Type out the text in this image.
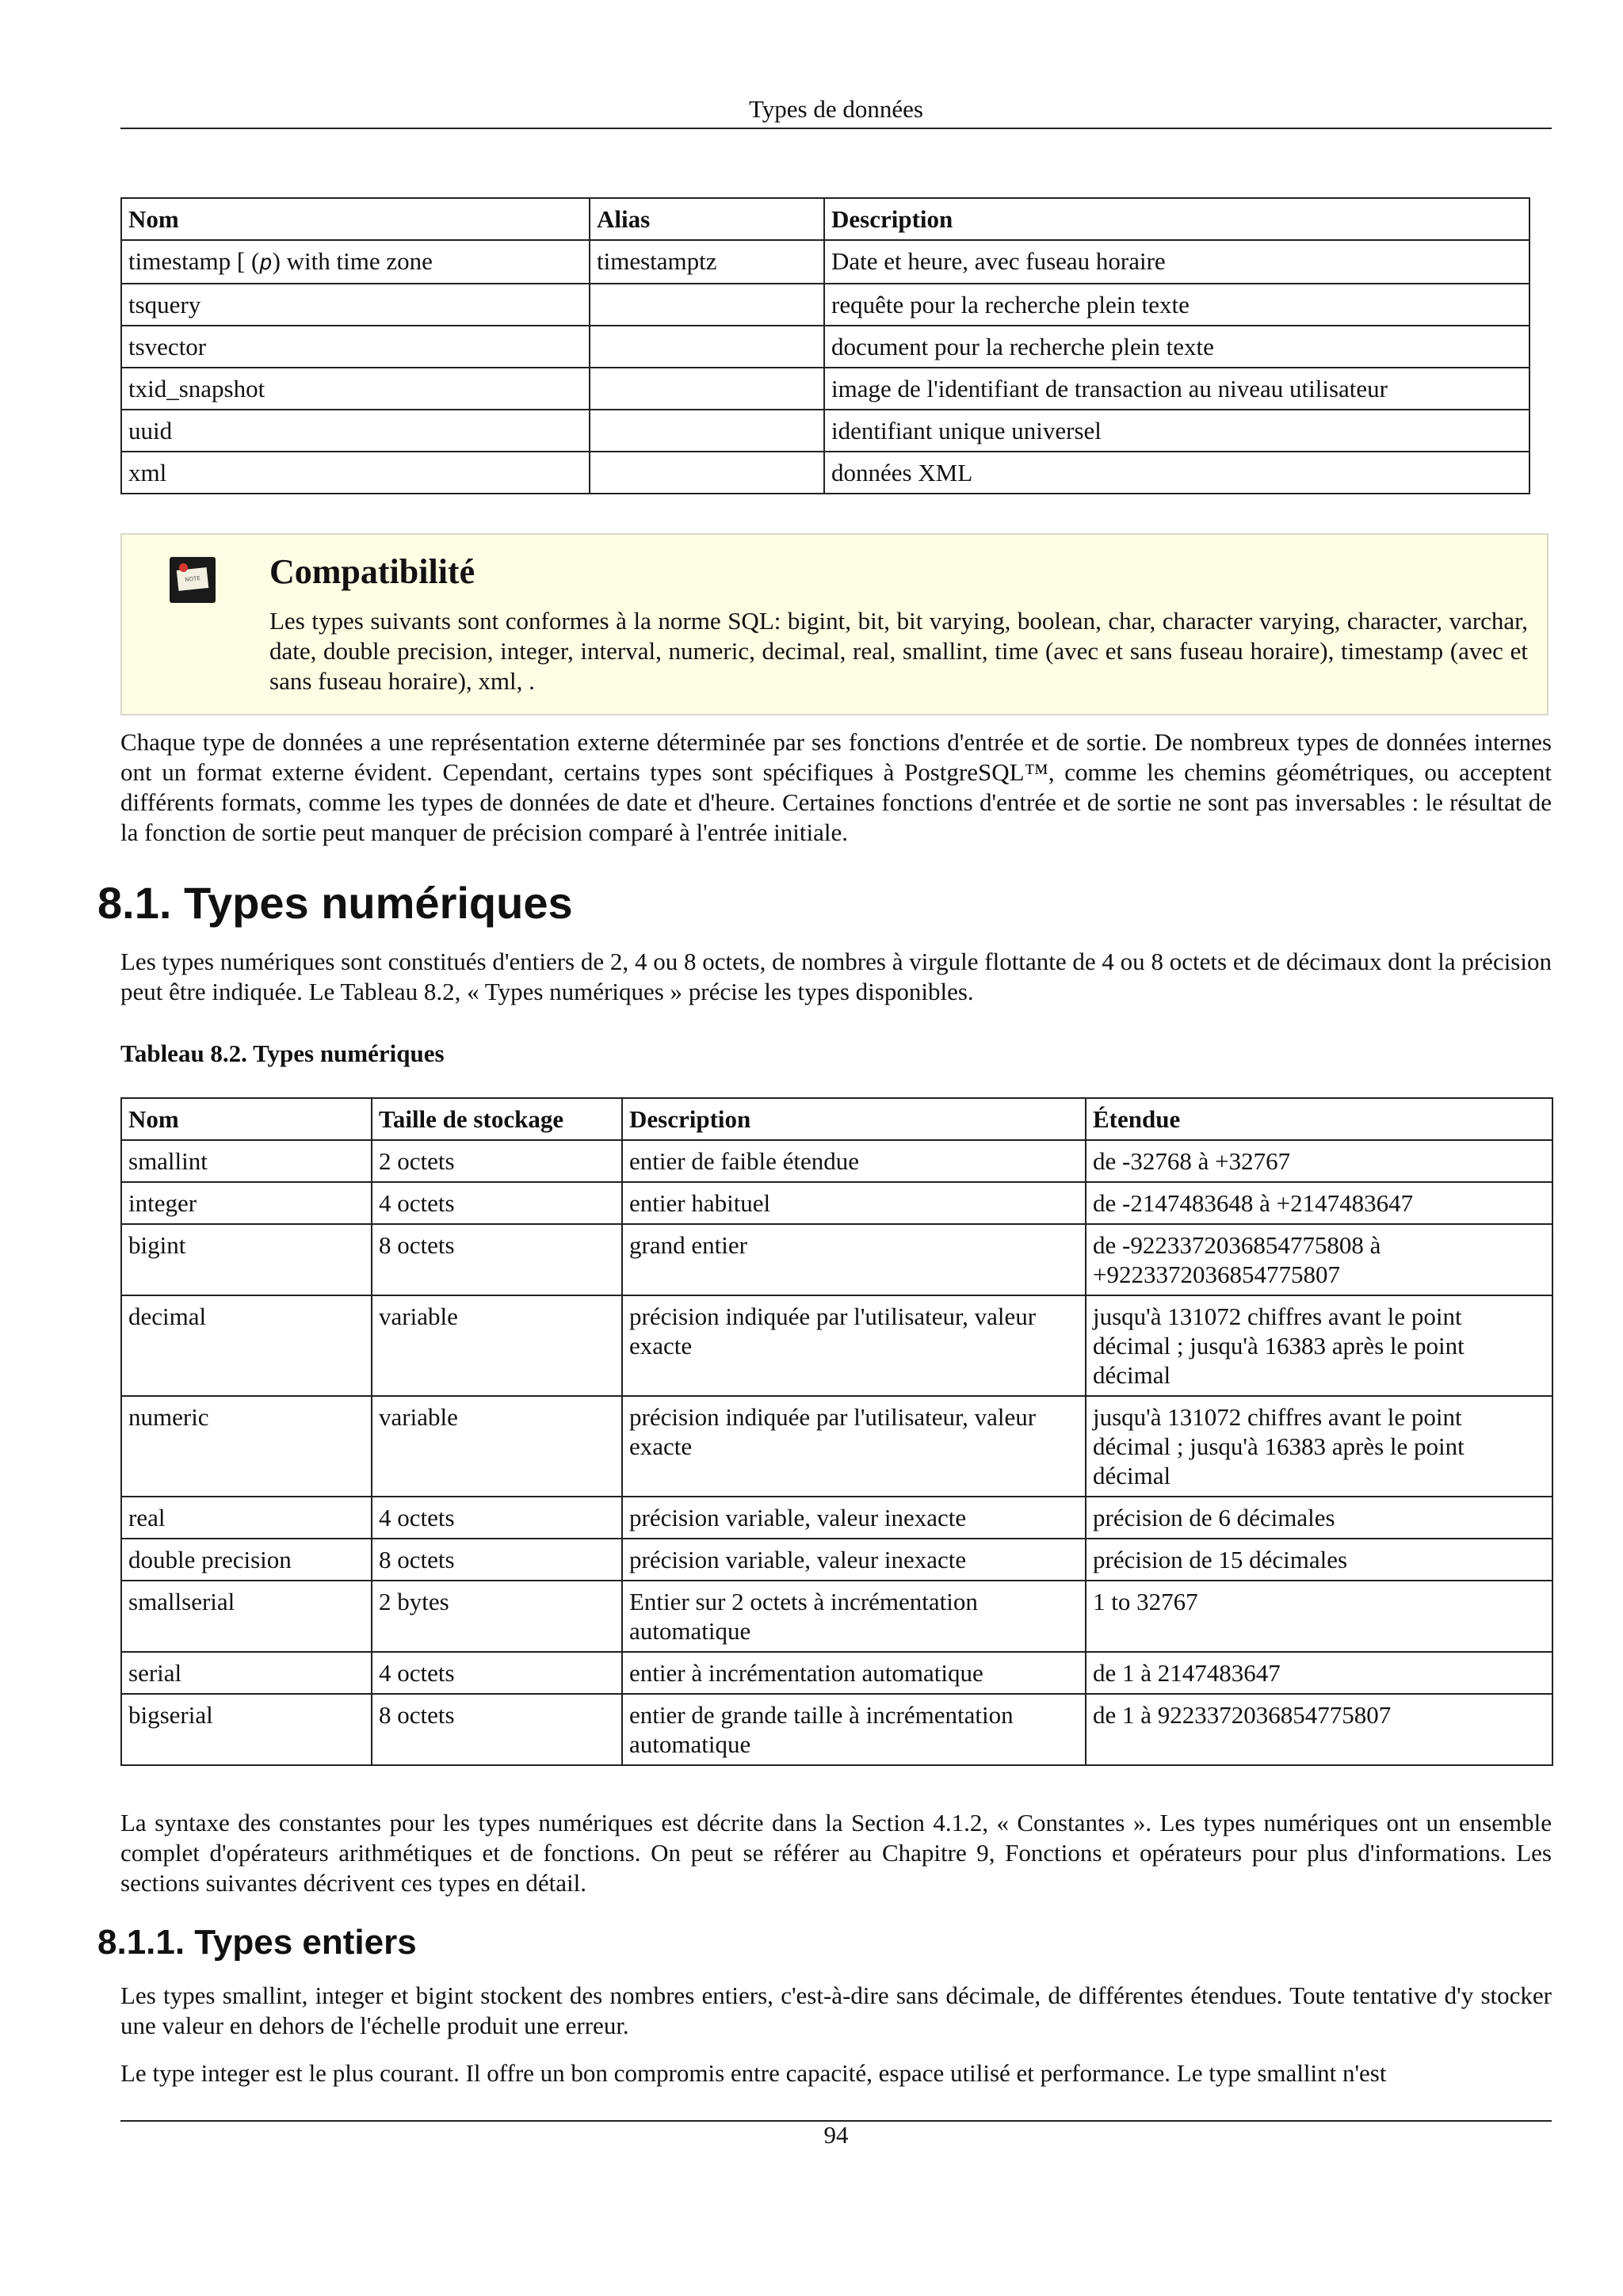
Types de données
Nom	Alias	Description
timestamp [ (p) with time zone	timestamptz	Date et heure, avec fuseau horaire
tsquery		requête pour la recherche plein texte
tsvector		document pour la recherche plein texte
txid_snapshot		image de l'identifiant de transaction au niveau utilisateur
uuid		identifiant unique universel
xml		données XML
NOTE Compatibilité
Les types suivants sont conformes à la norme SQL: bigint, bit, bit varying, boolean, char, character varying, character, varchar, date, double precision, integer, interval, numeric, decimal, real, smallint, time (avec et sans fuseau horaire), timestamp (avec et sans fuseau horaire), xml, .
Chaque type de données a une représentation externe déterminée par ses fonctions d'entrée et de sortie. De nombreux types de données internes ont un format externe évident. Cependant, certains types sont spécifiques à PostgreSQL™, comme les chemins géométriques, ou acceptent différents formats, comme les types de données de date et d'heure. Certaines fonctions d'entrée et de sortie ne sont pas inversables : le résultat de la fonction de sortie peut manquer de précision comparé à l'entrée initiale.
8.1. Types numériques
Les types numériques sont constitués d'entiers de 2, 4 ou 8 octets, de nombres à virgule flottante de 4 ou 8 octets et de décimaux dont la précision peut être indiquée. Le Tableau 8.2, « Types numériques » précise les types disponibles.
Tableau 8.2. Types numériques
Nom	Taille de stockage	Description	Étendue
smallint	2 octets	entier de faible étendue	de -32768 à +32767
integer	4 octets	entier habituel	de -2147483648 à +2147483647
bigint	8 octets	grand entier	de -9223372036854775808 à +9223372036854775807
decimal	variable	précision indiquée par l'utilisateur, valeur exacte	jusqu'à 131072 chiffres avant le point décimal ; jusqu'à 16383 après le point décimal
numeric	variable	précision indiquée par l'utilisateur, valeur exacte	jusqu'à 131072 chiffres avant le point décimal ; jusqu'à 16383 après le point décimal
real	4 octets	précision variable, valeur inexacte	précision de 6 décimales
double precision	8 octets	précision variable, valeur inexacte	précision de 15 décimales
smallserial	2 bytes	Entier sur 2 octets à incrémentation automatique	1 to 32767
serial	4 octets	entier à incrémentation automatique	de 1 à 2147483647
bigserial	8 octets	entier de grande taille à incrémentation automatique	de 1 à 9223372036854775807
La syntaxe des constantes pour les types numériques est décrite dans la Section 4.1.2, « Constantes ». Les types numériques ont un ensemble complet d'opérateurs arithmétiques et de fonctions. On peut se référer au Chapitre 9, Fonctions et opérateurs pour plus d'informations. Les sections suivantes décrivent ces types en détail.
8.1.1. Types entiers
Les types smallint, integer et bigint stockent des nombres entiers, c'est-à-dire sans décimale, de différentes étendues. Toute tentative d'y stocker une valeur en dehors de l'échelle produit une erreur.
Le type integer est le plus courant. Il offre un bon compromis entre capacité, espace utilisé et performance. Le type smallint n'est
94
